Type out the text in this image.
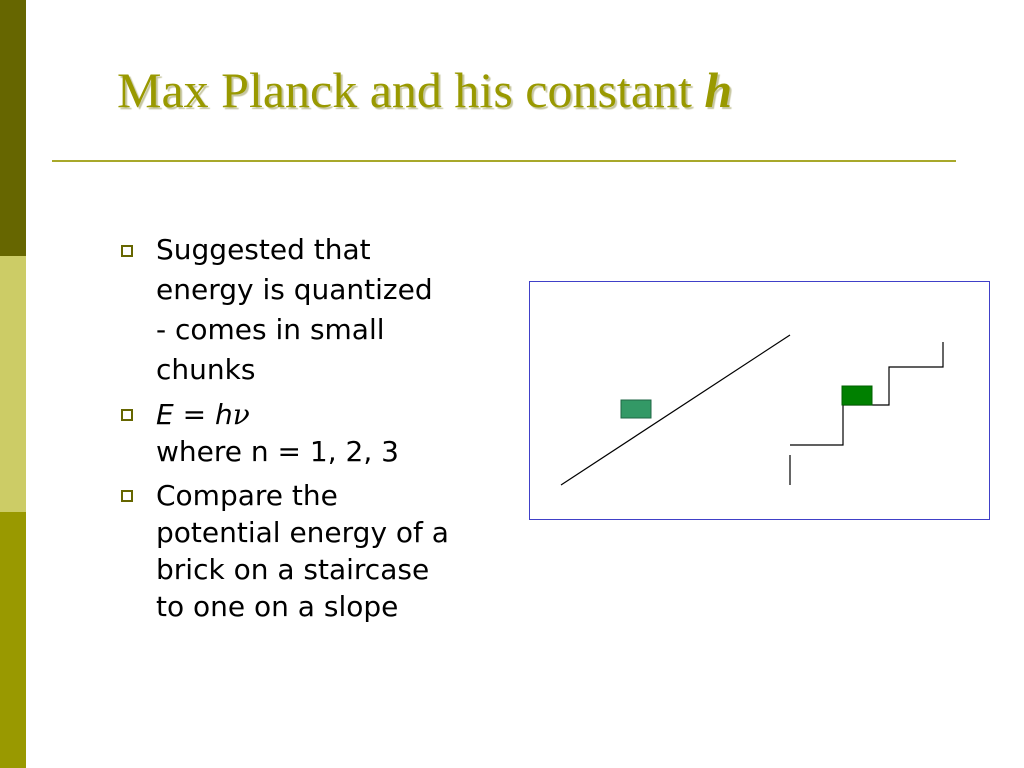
Max Planck and his constant h
Suggested that
energy is quantized
- comes in small
chunks
E = hν
where n = 1, 2, 3
Compare the
potential energy of a
brick on a staircase
to one on a slope
